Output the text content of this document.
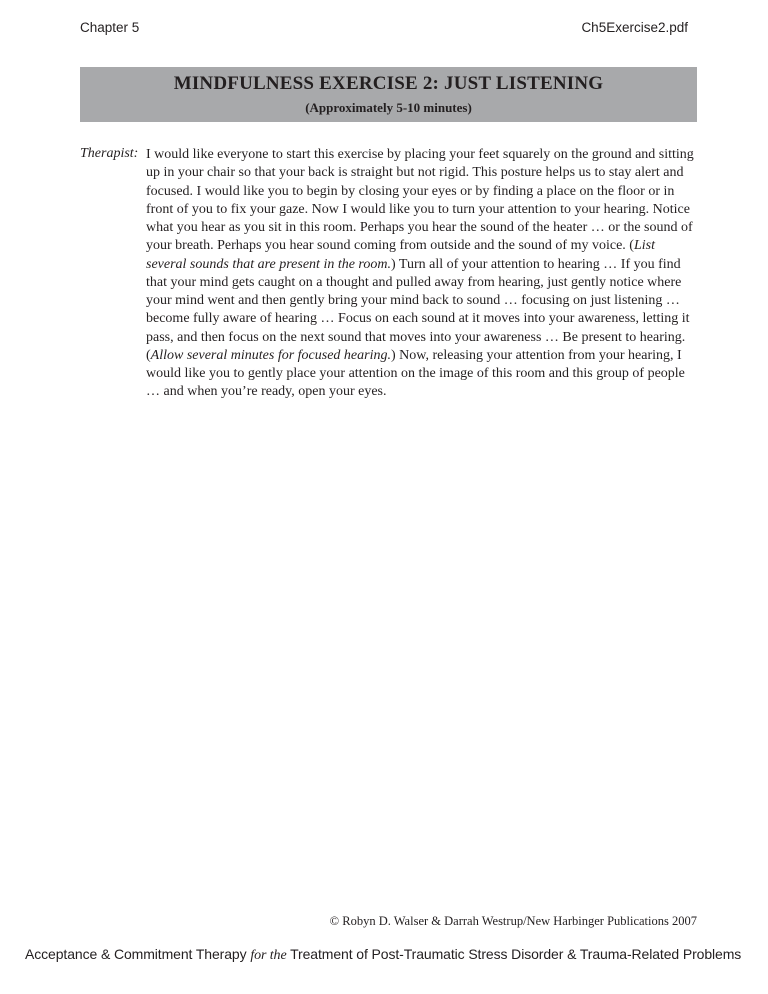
Chapter 5	Ch5Exercise2.pdf
MINDFULNESS EXERCISE 2: JUST LISTENING
(Approximately 5-10 minutes)
Therapist: I would like everyone to start this exercise by placing your feet squarely on the ground and sitting up in your chair so that your back is straight but not rigid. This posture helps us to stay alert and focused. I would like you to begin by closing your eyes or by finding a place on the floor or in front of you to fix your gaze. Now I would like you to turn your attention to your hearing. Notice what you hear as you sit in this room. Perhaps you hear the sound of the heater … or the sound of your breath. Perhaps you hear sound coming from outside and the sound of my voice. (List several sounds that are present in the room.) Turn all of your attention to hearing … If you find that your mind gets caught on a thought and pulled away from hearing, just gently notice where your mind went and then gently bring your mind back to sound … focusing on just listening … become fully aware of hearing … Focus on each sound at it moves into your awareness, letting it pass, and then focus on the next sound that moves into your awareness … Be present to hearing. (Allow several minutes for focused hearing.) Now, releasing your attention from your hearing, I would like you to gently place your attention on the image of this room and this group of people … and when you’re ready, open your eyes.
© Robyn D. Walser & Darrah Westrup/New Harbinger Publications 2007
Acceptance & Commitment Therapy for the Treatment of Post-Traumatic Stress Disorder & Trauma-Related Problems
